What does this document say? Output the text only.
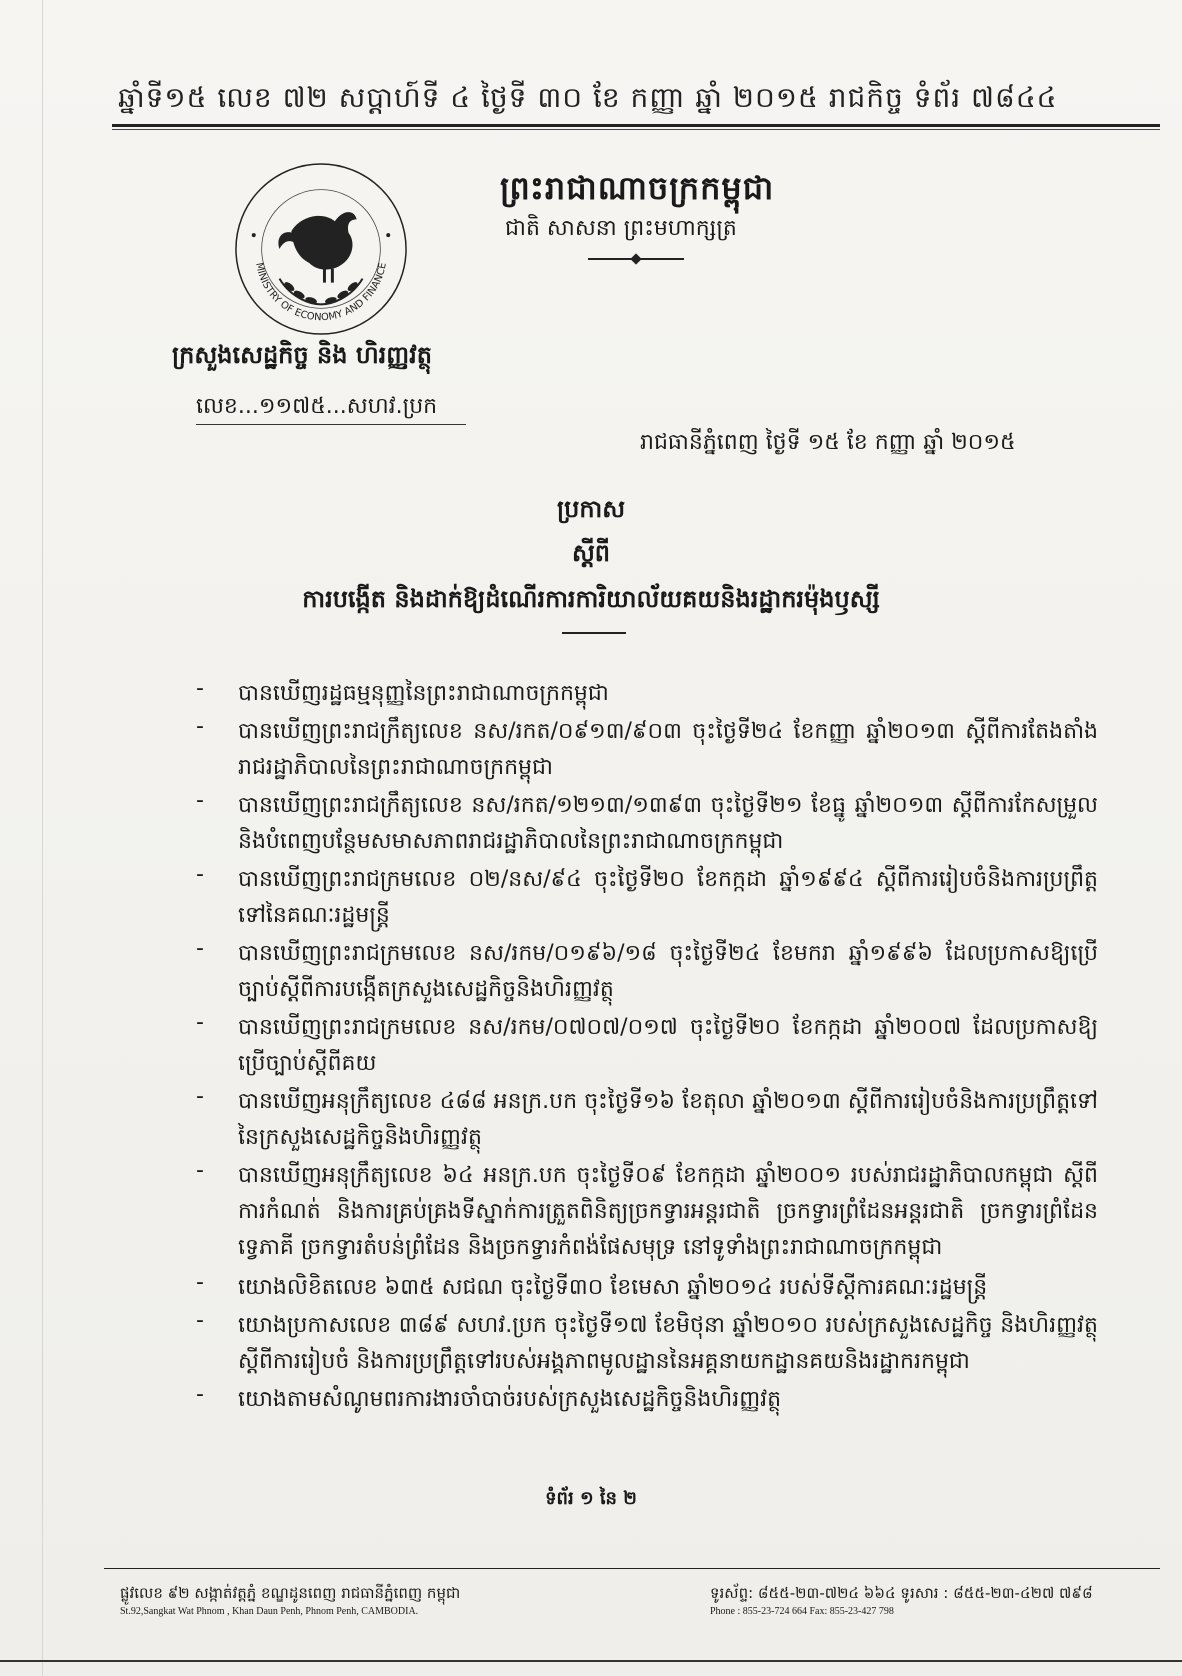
ឆ្នាំទី១៥ លេខ ៧២ សប្តាហ៍ទី ៤ ថ្ងៃទី ៣០ ខែ កញ្ញា ឆ្នាំ ២០១៥ រាជកិច្ច ទំព័រ ៧៨៤៤
MINISTRY OF ECONOMY AND FINANCE
ក្រសួងសេដ្ឋកិច្ច និង ហិរញ្ញវត្ថុ
លេខ...១១៧៥...សហវ.ប្រក
ព្រះរាជាណាចក្រកម្ពុជា
ជាតិ សាសនា ព្រះមហាក្សត្រ
រាជធានីភ្នំពេញ ថ្ងៃទី ១៥ ខែ កញ្ញា ឆ្នាំ ២០១៥
ប្រកាស
ស្តីពី
ការបង្កើត និងដាក់ឱ្យដំណើរការការិយាល័យគយនិងរដ្ឋាករម៉ុងឫស្សី
- បានឃើញរដ្ឋធម្មនុញ្ញនៃព្រះរាជាណាចក្រកម្ពុជា
- បានឃើញព្រះរាជក្រឹត្យលេខ នស/រកត/០៩១៣/៩០៣ ចុះថ្ងៃទី២៤ ខែកញ្ញា ឆ្នាំ២០១៣ ស្តីពីការតែងតាំងរាជរដ្ឋាភិបាលនៃព្រះរាជាណាចក្រកម្ពុជា
- បានឃើញព្រះរាជក្រឹត្យលេខ នស/រកត/១២១៣/១៣៩៣ ចុះថ្ងៃទី២១ ខែធ្នូ ឆ្នាំ២០១៣ ស្តីពីការកែសម្រួល និងបំពេញបន្ថែមសមាសភាពរាជរដ្ឋាភិបាលនៃព្រះរាជាណាចក្រកម្ពុជា
- បានឃើញព្រះរាជក្រមលេខ ០២/នស/៩៤ ចុះថ្ងៃទី២០ ខែកក្កដា ឆ្នាំ១៩៩៤ ស្តីពីការរៀបចំនិងការប្រព្រឹត្តទៅនៃគណៈរដ្ឋមន្ត្រី
- បានឃើញព្រះរាជក្រមលេខ នស/រកម/០១៩៦/១៨ ចុះថ្ងៃទី២៤ ខែមករា ឆ្នាំ១៩៩៦ ដែលប្រកាសឱ្យប្រើច្បាប់ស្តីពីការបង្កើតក្រសួងសេដ្ឋកិច្ចនិងហិរញ្ញវត្ថុ
- បានឃើញព្រះរាជក្រមលេខ នស/រកម/០៧០៧/០១៧ ចុះថ្ងៃទី២០ ខែកក្កដា ឆ្នាំ២០០៧ ដែលប្រកាសឱ្យប្រើច្បាប់ស្តីពីគយ
- បានឃើញអនុក្រឹត្យលេខ ៤៨៨ អនក្រ.បក ចុះថ្ងៃទី១៦ ខែតុលា ឆ្នាំ២០១៣ ស្តីពីការរៀបចំនិងការប្រព្រឹត្តទៅនៃក្រសួងសេដ្ឋកិច្ចនិងហិរញ្ញវត្ថុ
- បានឃើញអនុក្រឹត្យលេខ ៦៤ អនក្រ.បក ចុះថ្ងៃទី០៩ ខែកក្កដា ឆ្នាំ២០០១ របស់រាជរដ្ឋាភិបាលកម្ពុជា ស្តីពីការកំណត់ និងការគ្រប់គ្រងទីស្នាក់ការត្រួតពិនិត្យច្រកទ្វារអន្តរជាតិ ច្រកទ្វារព្រំដែនអន្តរជាតិ ច្រកទ្វារព្រំដែនទ្វេភាគី ច្រកទ្វារតំបន់ព្រំដែន និងច្រកទ្វារកំពង់ផែសមុទ្រ នៅទូទាំងព្រះរាជាណាចក្រកម្ពុជា
- យោងលិខិតលេខ ៦៣៥ សជណ ចុះថ្ងៃទី៣០ ខែមេសា ឆ្នាំ២០១៤ របស់ទីស្តីការគណៈរដ្ឋមន្ត្រី
- យោងប្រកាសលេខ ៣៨៩ សហវ.ប្រក ចុះថ្ងៃទី១៧ ខែមិថុនា ឆ្នាំ២០១០ របស់ក្រសួងសេដ្ឋកិច្ច និងហិរញ្ញវត្ថុស្តីពីការរៀបចំ និងការប្រព្រឹត្តទៅរបស់អង្គភាពមូលដ្ឋាននៃអគ្គនាយកដ្ឋានគយនិងរដ្ឋាករកម្ពុជា
- យោងតាមសំណូមពរការងារចាំបាច់របស់ក្រសួងសេដ្ឋកិច្ចនិងហិរញ្ញវត្ថុ
ទំព័រ ១ នៃ ២
ផ្លូវលេខ ៩២ សង្កាត់វត្តភ្នំ ខណ្ឌដូនពេញ រាជធានីភ្នំពេញ កម្ពុជា
St.92,Sangkat Wat Phnom , Khan Daun Penh, Phnom Penh, CAMBODIA.
ទូរស័ព្ទ: ៨៥៥-២៣-៧២៤ ៦៦៤ ទូរសារ : ៨៥៥-២៣-៤២៧ ៧៩៨
Phone : 855-23-724 664 Fax: 855-23-427 798
